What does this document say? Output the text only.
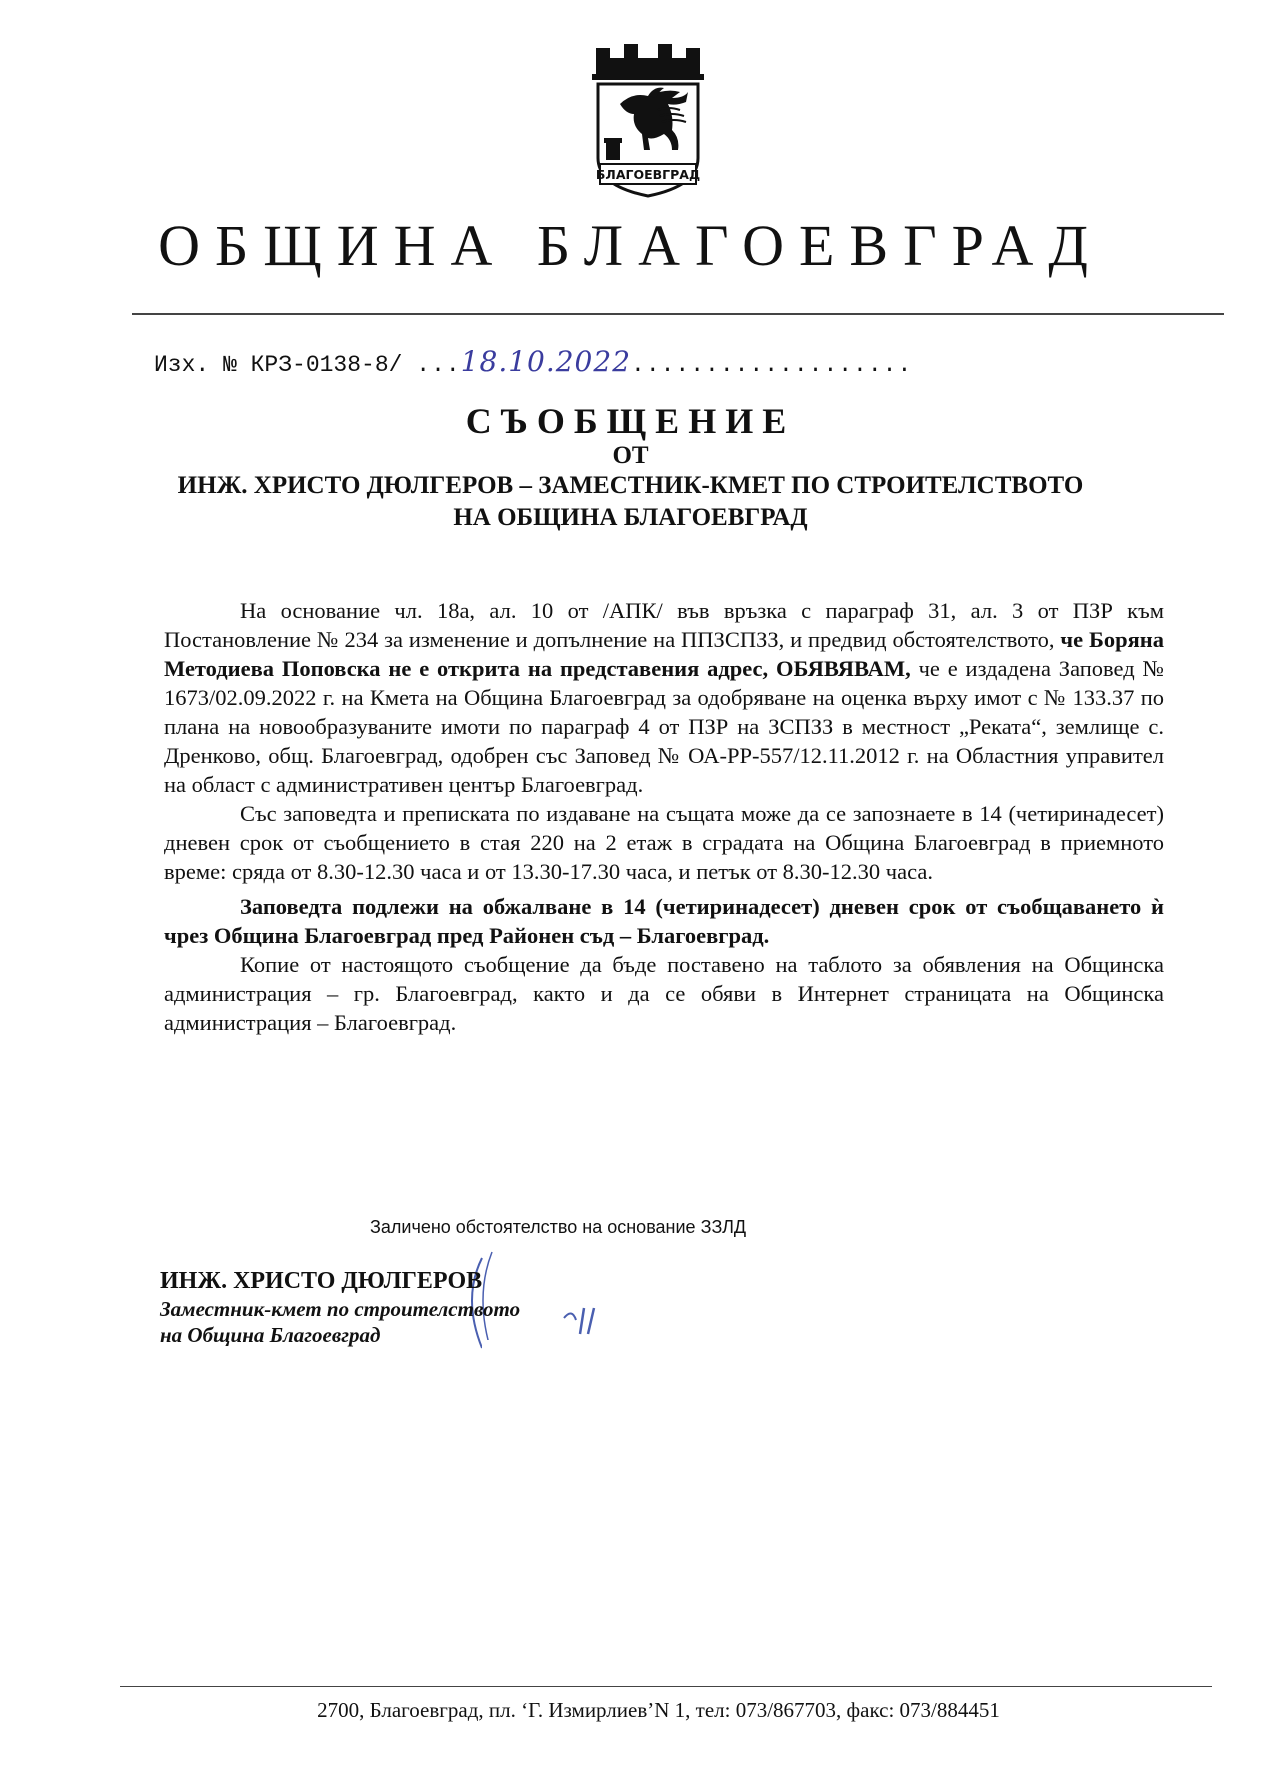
БЛАГОЕВГРАД
ОБЩИНА БЛАГОЕВГРАД
Изх. № КРЗ-0138-8/ ...18.10.2022...................
СЪОБЩЕНИЕ
ОТ
ИНЖ. ХРИСТО ДЮЛГЕРОВ – ЗАМЕСТНИК-КМЕТ ПО СТРОИТЕЛСТВОТО
НА ОБЩИНА БЛАГОЕВГРАД

На основание чл. 18а, ал. 10 от /АПК/ във връзка с параграф 31, ал. 3 от ПЗР към Постановление № 234 за изменение и допълнение на ППЗСПЗЗ, и предвид обстоятелството, че Боряна Методиева Поповска не е открита на представения адрес, ОБЯВЯВАМ, че е издадена Заповед № 1673/02.09.2022 г. на Кмета на Община Благоевград за одобряване на оценка върху имот с № 133.37 по плана на новообразуваните имоти по параграф 4 от ПЗР на ЗСПЗЗ в местност „Реката“, землище с. Дренково, общ. Благоевград, одобрен със Заповед № ОА-РР-557/12.11.2012 г. на Областния управител на област с административен център Благоевград.

Със заповедта и преписката по издаване на същата може да се запознаете в 14 (четиринадесет) дневен срок от съобщението в стая 220 на 2 етаж в сградата на Община Благоевград в приемното време: сряда от 8.30-12.30 часа и от 13.30-17.30 часа, и петък от 8.30-12.30 часа.

Заповедта подлежи на обжалване в 14 (четиринадесет) дневен срок от съобщаването ѝ чрез Община Благоевград пред Районен съд – Благоевград.

Копие от настоящото съобщение да бъде поставено на таблото за обявления на Общинска администрация – гр. Благоевград, както и да се обяви в Интернет страницата на Общинска администрация – Благоевград.

Заличено обстоятелство на основание ЗЗЛД
ИНЖ. ХРИСТО ДЮЛГЕРОВ
Заместник-кмет по строителството
на Община Благоевград
2700, Благоевград, пл. ‘Г. Измирлиев’N 1, тел: 073/867703, факс: 073/884451
